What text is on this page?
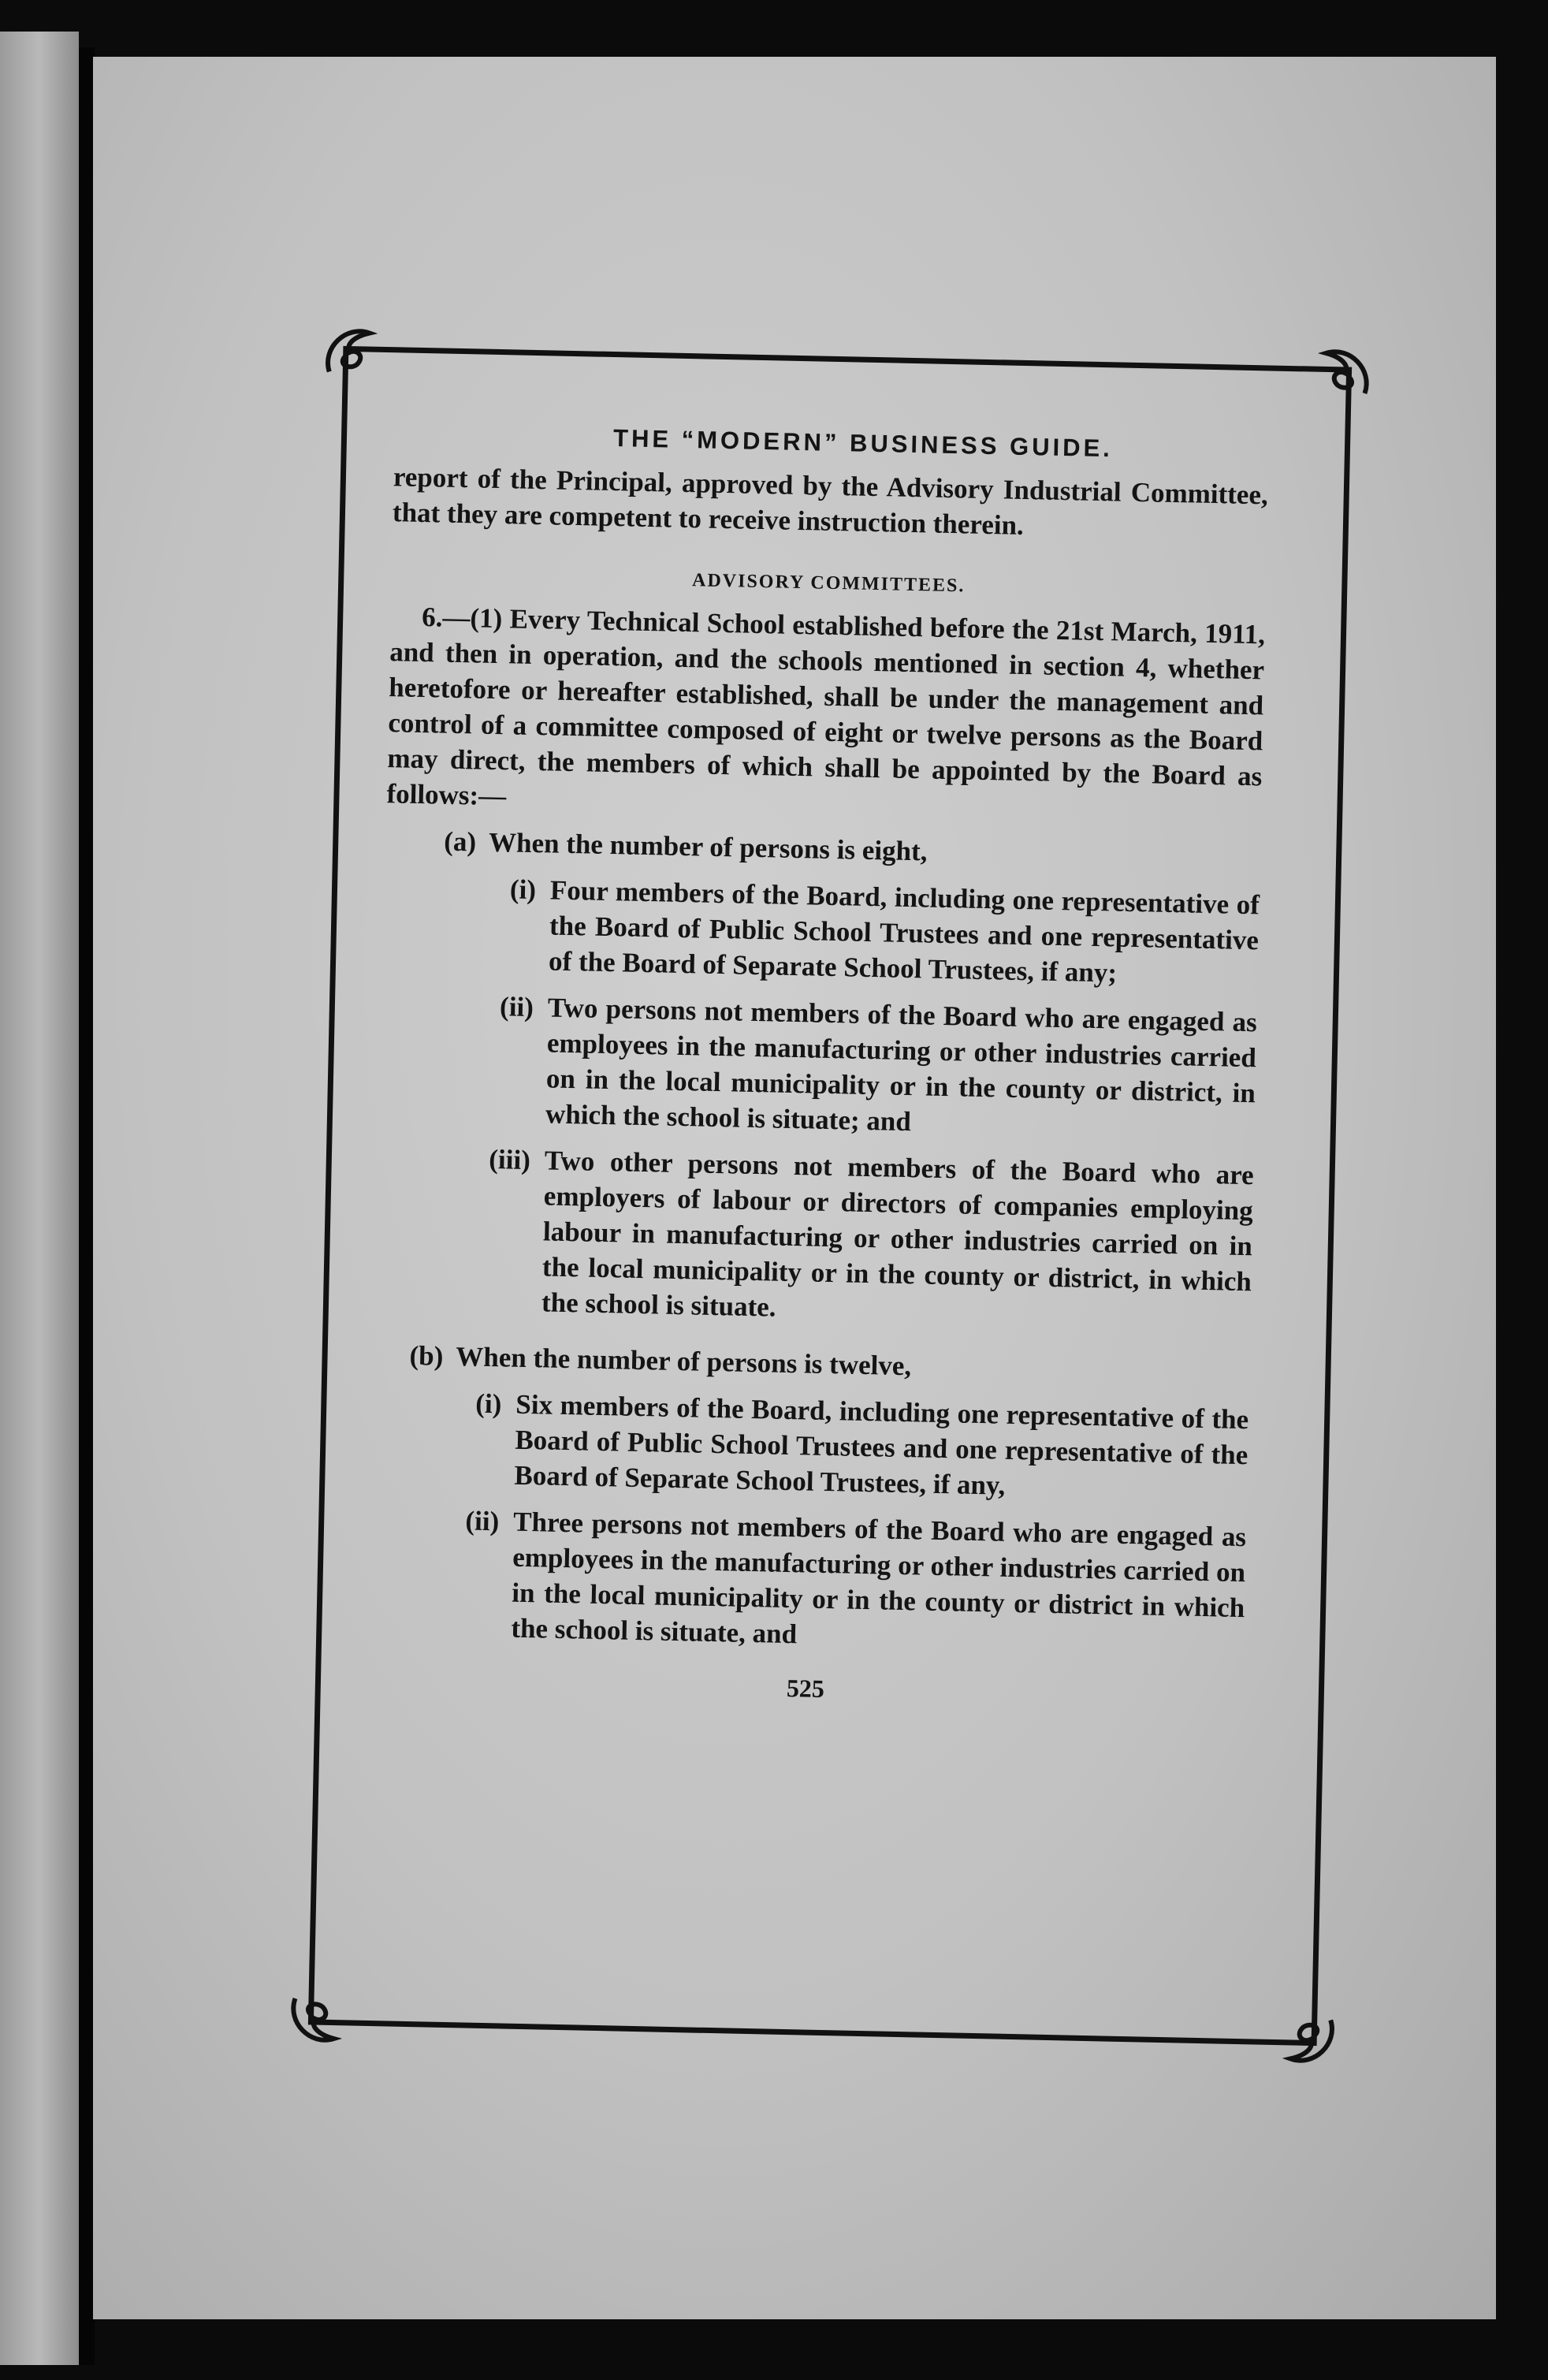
THE “MODERN” BUSINESS GUIDE.

report of the Principal, approved by the Advisory Industrial Committee, that they are competent to receive instruction therein.

ADVISORY COMMITTEES.

6.—(1) Every Technical School established before the 21st March, 1911, and then in operation, and the schools mentioned in section 4, whether heretofore or hereafter established, shall be under the management and control of a committee composed of eight or twelve persons as the Board may direct, the members of which shall be appointed by the Board as follows:—

(a) When the number of persons is eight,
(i) Four members of the Board, including one representative of the Board of Public School Trustees and one representative of the Board of Separate School Trustees, if any;
(ii) Two persons not members of the Board who are engaged as employees in the manufacturing or other industries carried on in the local municipality or in the county or district, in which the school is situate; and
(iii) Two other persons not members of the Board who are employers of labour or directors of companies employing labour in manufacturing or other industries carried on in the local municipality or in the county or district, in which the school is situate.
(b) When the number of persons is twelve,
(i) Six members of the Board, including one representative of the Board of Public School Trustees and one representative of the Board of Separate School Trustees, if any,
(ii) Three persons not members of the Board who are engaged as employees in the manufacturing or other industries carried on in the local municipality or in the county or district in which the school is situate, and
525
